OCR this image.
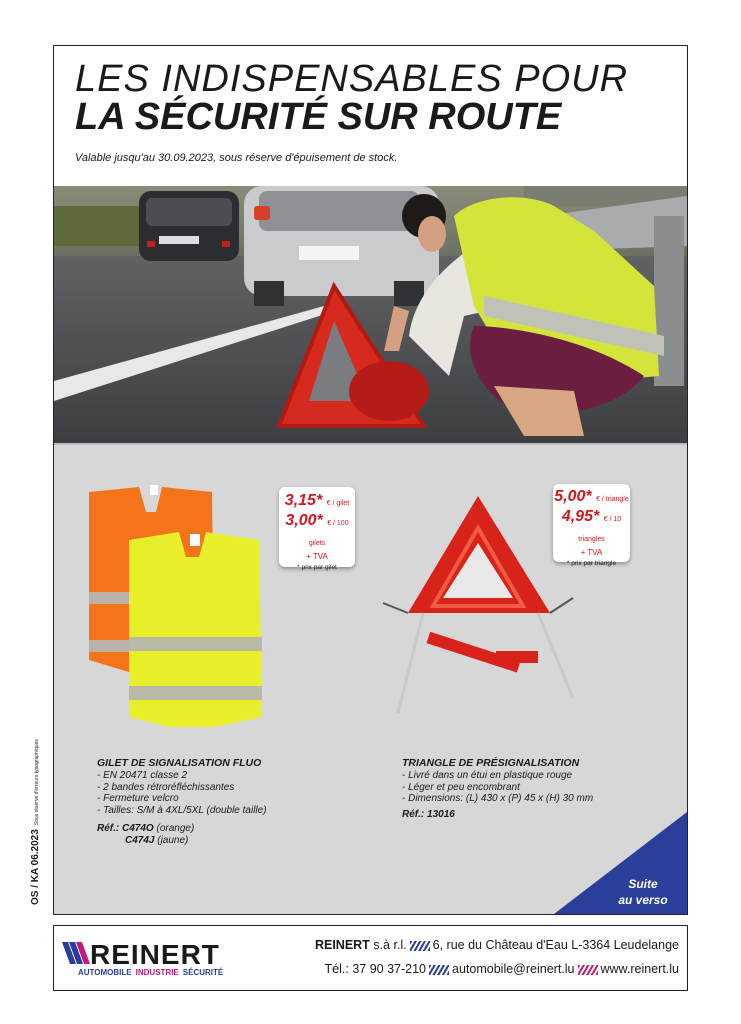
LES INDISPENSABLES POUR
LA SÉCURITÉ SUR ROUTE
Valable jusqu'au 30.09.2023, sous réserve d'épuisement de stock.
3,15* € / gilet
3,00* € / 100 gilets
+ TVA
* prix par gilet
5,00* € / triangle
4,95* € / 10 triangles
+ TVA
* prix par triangle
GILET DE SIGNALISATION FLUO
- EN 20471 classe 2
- 2 bandes rétroréfléchissantes
- Fermeture velcro
- Tailles: S/M à 4XL/5XL (double taille)
Réf.: C474O (orange)
C474J (jaune)
TRIANGLE DE PRÉSIGNALISATION
- Livré dans un étui en plastique rouge
- Léger et peu encombrant
- Dimensions: (L) 430 x (P) 45 x (H) 30 mm
Réf.: 13016
OS / KA 06.2023Sous réserve d'erreurs typographiques
Suite
au verso
REINERT
AUTOMOBILE INDUSTRIE SÉCURITÉ
REINERT s.à r.l. 6, rue du Château d'Eau L-3364 Leudelange
Tél.: 37 90 37-210 automobile@reinert.lu www.reinert.lu
